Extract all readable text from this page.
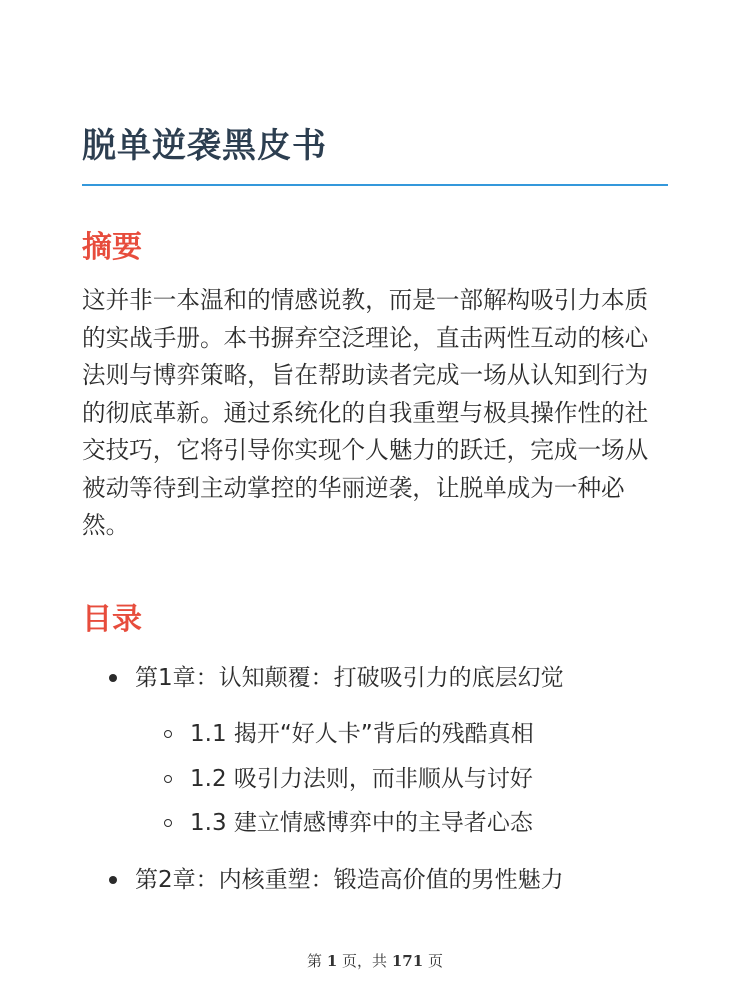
脱单逆袭黑皮书
摘要

这并非一本温和的情感说教，而是一部解构吸引力本质的实战手册。本书摒弃空泛理论，直击两性互动的核心法则与博弈策略，旨在帮助读者完成一场从认知到行为的彻底革新。通过系统化的自我重塑与极具操作性的社交技巧，它将引导你实现个人魅力的跃迁，完成一场从被动等待到主动掌控的华丽逆袭，让脱单成为一种必然。

目录
第1章：认知颠覆：打破吸引力的底层幻觉
1.1 揭开“好人卡”背后的残酷真相
1.2 吸引力法则，而非顺从与讨好
1.3 建立情感博弈中的主导者心态
第2章：内核重塑：锻造高价值的男性魅力
第 1 页，共 171 页
